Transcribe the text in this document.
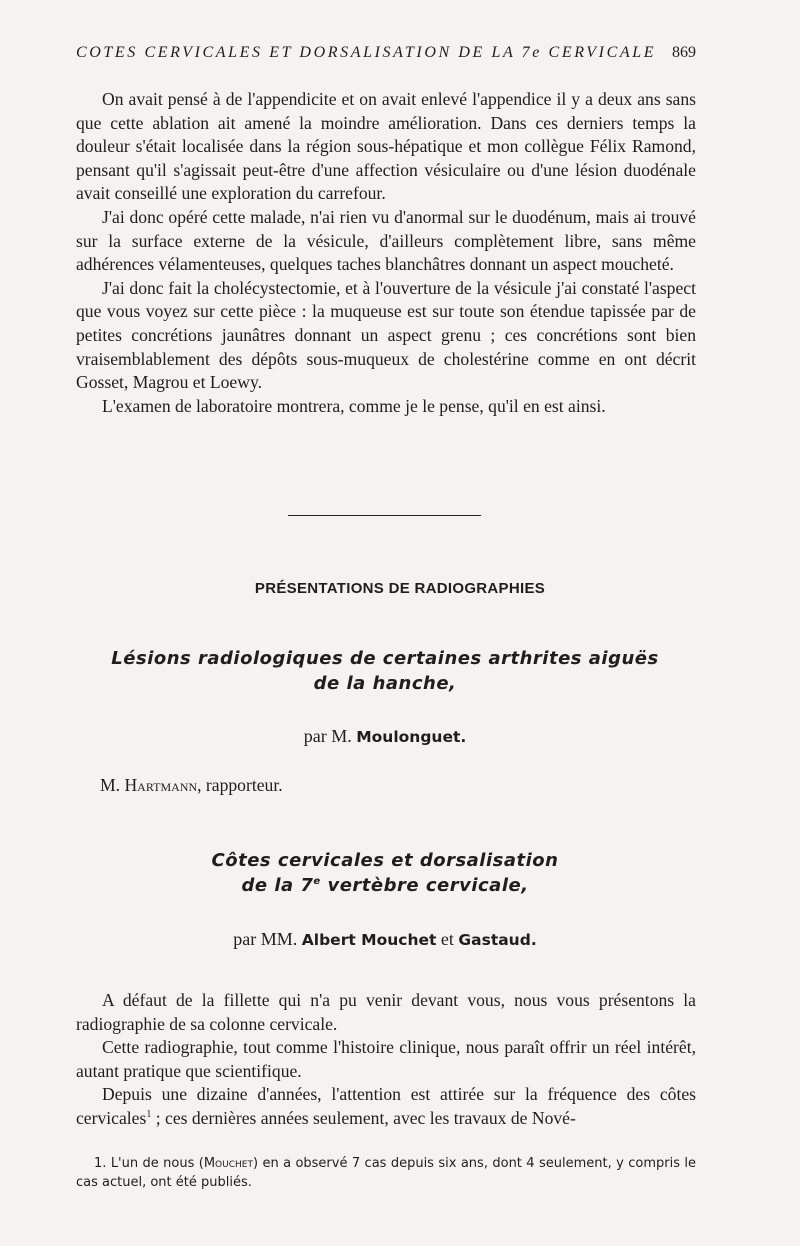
COTES CERVICALES ET DORSALISATION DE LA 7e CERVICALE 869

On avait pensé à de l'appendicite et on avait enlevé l'appendice il y a deux ans sans que cette ablation ait amené la moindre amélioration. Dans ces derniers temps la douleur s'était localisée dans la région sous-hépatique et mon collègue Félix Ramond, pensant qu'il s'agissait peut-être d'une affection vésiculaire ou d'une lésion duodénale avait conseillé une exploration du carrefour.

J'ai donc opéré cette malade, n'ai rien vu d'anormal sur le duodénum, mais ai trouvé sur la surface externe de la vésicule, d'ailleurs complètement libre, sans même adhérences vélamenteuses, quelques taches blanchâtres donnant un aspect moucheté.

J'ai donc fait la cholécystectomie, et à l'ouverture de la vésicule j'ai constaté l'aspect que vous voyez sur cette pièce : la muqueuse est sur toute son étendue tapissée par de petites concrétions jaunâtres donnant un aspect grenu ; ces concrétions sont bien vraisemblablement des dépôts sous-muqueux de cholestérine comme en ont décrit Gosset, Magrou et Loewy.

L'examen de laboratoire montrera, comme je le pense, qu'il en est ainsi.

PRÉSENTATIONS DE RADIOGRAPHIES
Lésions radiologiques de certaines arthrites aiguës
de la hanche,
par M. Moulonguet.
M. Hartmann, rapporteur.
Côtes cervicales et dorsalisation
de la 7e vertèbre cervicale,
par MM. Albert Mouchet et Gastaud.

A défaut de la fillette qui n'a pu venir devant vous, nous vous présentons la radiographie de sa colonne cervicale.

Cette radiographie, tout comme l'histoire clinique, nous paraît offrir un réel intérêt, autant pratique que scientifique.

Depuis une dizaine d'années, l'attention est attirée sur la fréquence des côtes cervicales$^1$ ; ces dernières années seulement, avec les travaux de Nové-

1. L'un de nous (Mouchet) en a observé 7 cas depuis six ans, dont 4 seulement, y compris le cas actuel, ont été publiés.
